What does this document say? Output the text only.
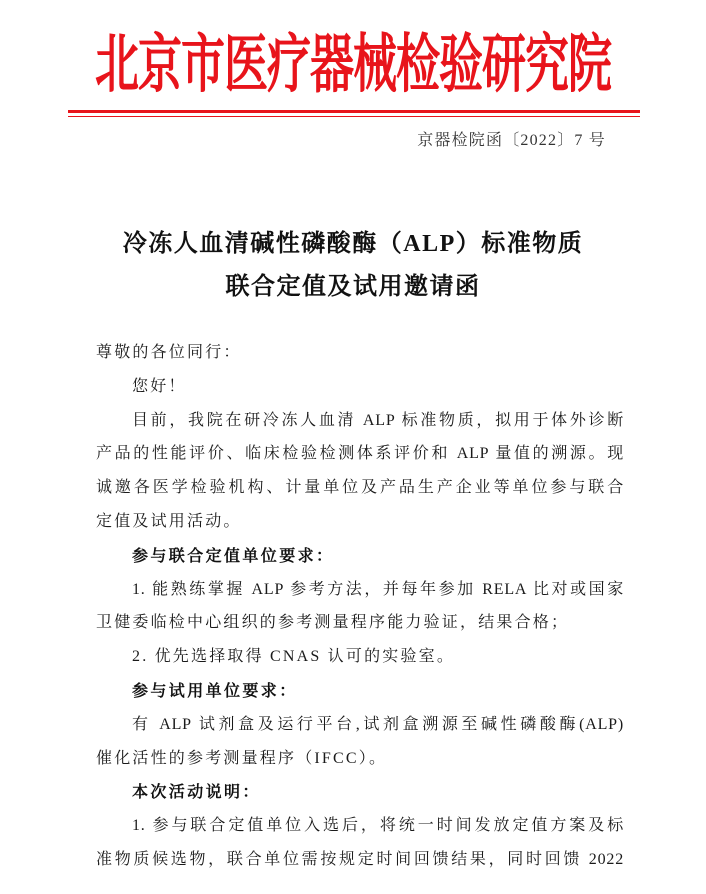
北京市医疗器械检验研究院
京器检院函〔2022〕7 号
冷冻人血清碱性磷酸酶（ALP）标准物质
联合定值及试用邀请函
尊敬的各位同行：
您好！
目前，我院在研冷冻人血清 ALP 标准物质，拟用于体外诊断
产品的性能评价、临床检验检测体系评价和 ALP 量值的溯源。现
诚邀各医学检验机构、计量单位及产品生产企业等单位参与联合
定值及试用活动。
参与联合定值单位要求：
1. 能熟练掌握 ALP 参考方法，并每年参加 RELA 比对或国家
卫健委临检中心组织的参考测量程序能力验证，结果合格；
2. 优先选择取得 CNAS 认可的实验室。
参与试用单位要求：
有 ALP 试剂盒及运行平台,试剂盒溯源至碱性磷酸酶(ALP)
催化活性的参考测量程序（IFCC）。
本次活动说明：
1. 参与联合定值单位入选后，将统一时间发放定值方案及标
准物质候选物，联合单位需按规定时间回馈结果，同时回馈 2022
